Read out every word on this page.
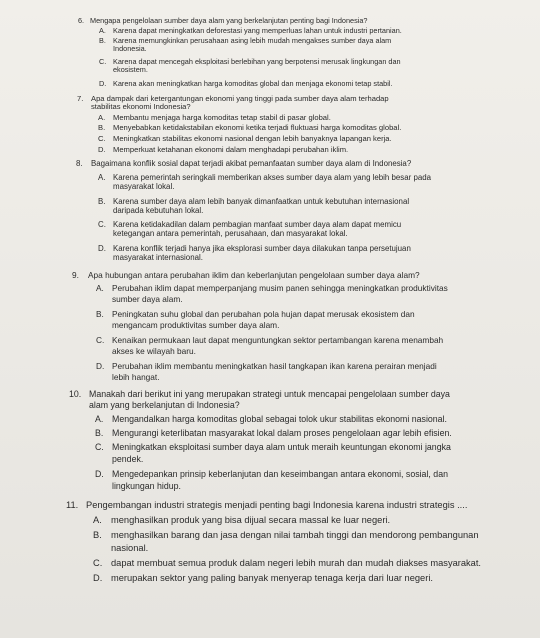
6. Mengapa pengelolaan sumber daya alam yang berkelanjutan penting bagi Indonesia?
A. Karena dapat meningkatkan deforestasi yang memperluas lahan untuk industri pertanian.
B. Karena memungkinkan perusahaan asing lebih mudah mengakses sumber daya alam
Indonesia.
C. Karena dapat mencegah eksploitasi berlebihan yang berpotensi merusak lingkungan dan
ekosistem.
D. Karena akan meningkatkan harga komoditas global dan menjaga ekonomi tetap stabil.
7. Apa dampak dari ketergantungan ekonomi yang tinggi pada sumber daya alam terhadap
stabilitas ekonomi Indonesia?
A. Membantu menjaga harga komoditas tetap stabil di pasar global.
B. Menyebabkan ketidakstabilan ekonomi ketika terjadi fluktuasi harga komoditas global.
C. Meningkatkan stabilitas ekonomi nasional dengan lebih banyaknya lapangan kerja.
D. Memperkuat ketahanan ekonomi dalam menghadapi perubahan iklim.
8. Bagaimana konflik sosial dapat terjadi akibat pemanfaatan sumber daya alam di Indonesia?
A. Karena pemerintah seringkali memberikan akses sumber daya alam yang lebih besar pada
masyarakat lokal.
B. Karena sumber daya alam lebih banyak dimanfaatkan untuk kebutuhan internasional
daripada kebutuhan lokal.
C. Karena ketidakadilan dalam pembagian manfaat sumber daya alam dapat memicu
ketegangan antara pemerintah, perusahaan, dan masyarakat lokal.
D. Karena konflik terjadi hanya jika eksplorasi sumber daya dilakukan tanpa persetujuan
masyarakat internasional.
9. Apa hubungan antara perubahan iklim dan keberlanjutan pengelolaan sumber daya alam?
A. Perubahan iklim dapat memperpanjang musim panen sehingga meningkatkan produktivitas
sumber daya alam.
B. Peningkatan suhu global dan perubahan pola hujan dapat merusak ekosistem dan
mengancam produktivitas sumber daya alam.
C. Kenaikan permukaan laut dapat menguntungkan sektor pertambangan karena menambah
akses ke wilayah baru.
D. Perubahan iklim membantu meningkatkan hasil tangkapan ikan karena perairan menjadi
lebih hangat.
10. Manakah dari berikut ini yang merupakan strategi untuk mencapai pengelolaan sumber daya
alam yang berkelanjutan di Indonesia?
A. Mengandalkan harga komoditas global sebagai tolok ukur stabilitas ekonomi nasional.
B. Mengurangi keterlibatan masyarakat lokal dalam proses pengelolaan agar lebih efisien.
C. Meningkatkan eksploitasi sumber daya alam untuk meraih keuntungan ekonomi jangka
pendek.
D. Mengedepankan prinsip keberlanjutan dan keseimbangan antara ekonomi, sosial, dan
lingkungan hidup.
11. Pengembangan industri strategis menjadi penting bagi Indonesia karena industri strategis ....
A. menghasilkan produk yang bisa dijual secara massal ke luar negeri.
B. menghasilkan barang dan jasa dengan nilai tambah tinggi dan mendorong pembangunan
nasional.
C. dapat membuat semua produk dalam negeri lebih murah dan mudah diakses masyarakat.
D. merupakan sektor yang paling banyak menyerap tenaga kerja dari luar negeri.
